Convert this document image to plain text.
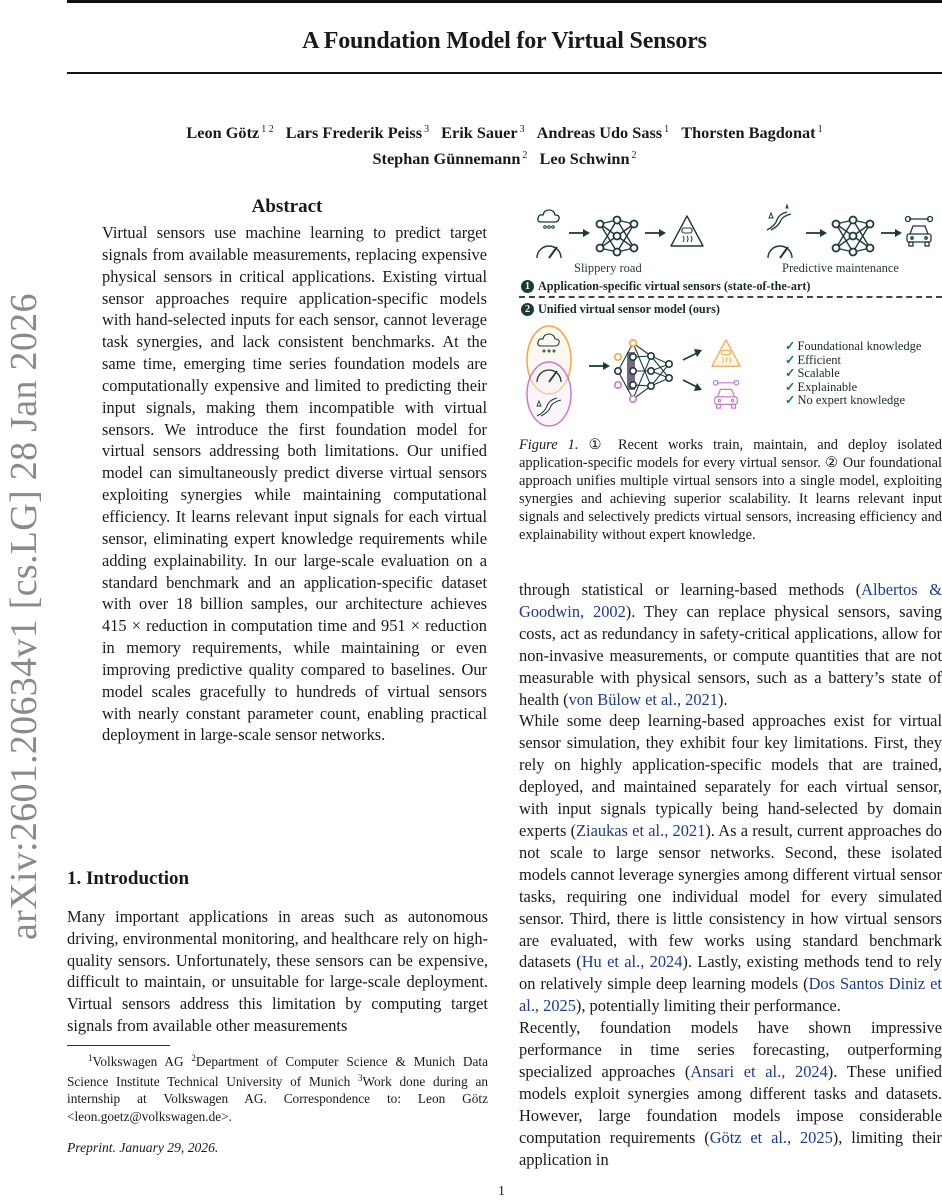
A Foundation Model for Virtual Sensors
Leon Götz $^{1 2}$ Lars Frederik Peiss $^3$ Erik Sauer $^3$ Andreas Udo Sass $^1$ Thorsten Bagdonat $^1$
Stephan Günnemann $^2$ Leo Schwinn $^2$
arXiv:2601.20634v1 [cs.LG] 28 Jan 2026
Abstract
Virtual sensors use machine learning to predict target signals from available measurements, replacing expensive physical sensors in critical applications. Existing virtual sensor approaches require application-specific models with hand-selected inputs for each sensor, cannot leverage task synergies, and lack consistent benchmarks. At the same time, emerging time series foundation models are computationally expensive and limited to predicting their input signals, making them incompatible with virtual sensors. We introduce the first foundation model for virtual sensors addressing both limitations. Our unified model can simultaneously predict diverse virtual sensors exploiting synergies while maintaining computational efficiency. It learns relevant input signals for each virtual sensor, eliminating expert knowledge requirements while adding explainability. In our large-scale evaluation on a standard benchmark and an application-specific dataset with over 18 billion samples, our architecture achieves 415 × reduction in computation time and 951 × reduction in memory requirements, while maintaining or even improving predictive quality compared to baselines. Our model scales gracefully to hundreds of virtual sensors with nearly constant parameter count, enabling practical deployment in large-scale sensor networks.
1. Introduction
Many important applications in areas such as autonomous driving, environmental monitoring, and healthcare rely on high-quality sensors. Unfortunately, these sensors can be expensive, difficult to maintain, or unsuitable for large-scale deployment. Virtual sensors address this limitation by computing target signals from available other measurements
$^1$Volkswagen AG $^2$Department of Computer Science & Munich Data Science Institute Technical University of Munich $^3$Work done during an internship at Volkswagen AG. Correspondence to: Leon Götz <leon.goetz@volkswagen.de>.
Preprint. January 29, 2026.
1
Slippery road	Predictive maintenance
1 Application-specific virtual sensors (state-of-the-art)
2 Unified virtual sensor model (ours)
✓ Foundational knowledge
✓ Efficient
✓ Scalable
✓ Explainable
✓ No expert knowledge
Figure 1. ① Recent works train, maintain, and deploy isolated application-specific models for every virtual sensor. ② Our foundational approach unifies multiple virtual sensors into a single model, exploiting synergies and achieving superior scalability. It learns relevant input signals and selectively predicts virtual sensors, increasing efficiency and explainability without expert knowledge.

through statistical or learning-based methods (Albertos & Goodwin, 2002). They can replace physical sensors, saving costs, act as redundancy in safety-critical applications, allow for non-invasive measurements, or compute quantities that are not measurable with physical sensors, such as a battery’s state of health (von Bülow et al., 2021).

While some deep learning-based approaches exist for virtual sensor simulation, they exhibit four key limitations. First, they rely on highly application-specific models that are trained, deployed, and maintained separately for each virtual sensor, with input signals typically being hand-selected by domain experts (Ziaukas et al., 2021). As a result, current approaches do not scale to large sensor networks. Second, these isolated models cannot leverage synergies among different virtual sensor tasks, requiring one individual model for every simulated sensor. Third, there is little consistency in how virtual sensors are evaluated, with few works using standard benchmark datasets (Hu et al., 2024). Lastly, existing methods tend to rely on relatively simple deep learning models (Dos Santos Diniz et al., 2025), potentially limiting their performance.

Recently, foundation models have shown impressive performance in time series forecasting, outperforming specialized approaches (Ansari et al., 2024). These unified models exploit synergies among different tasks and datasets. However, large foundation models impose considerable computation requirements (Götz et al., 2025), limiting their application in
